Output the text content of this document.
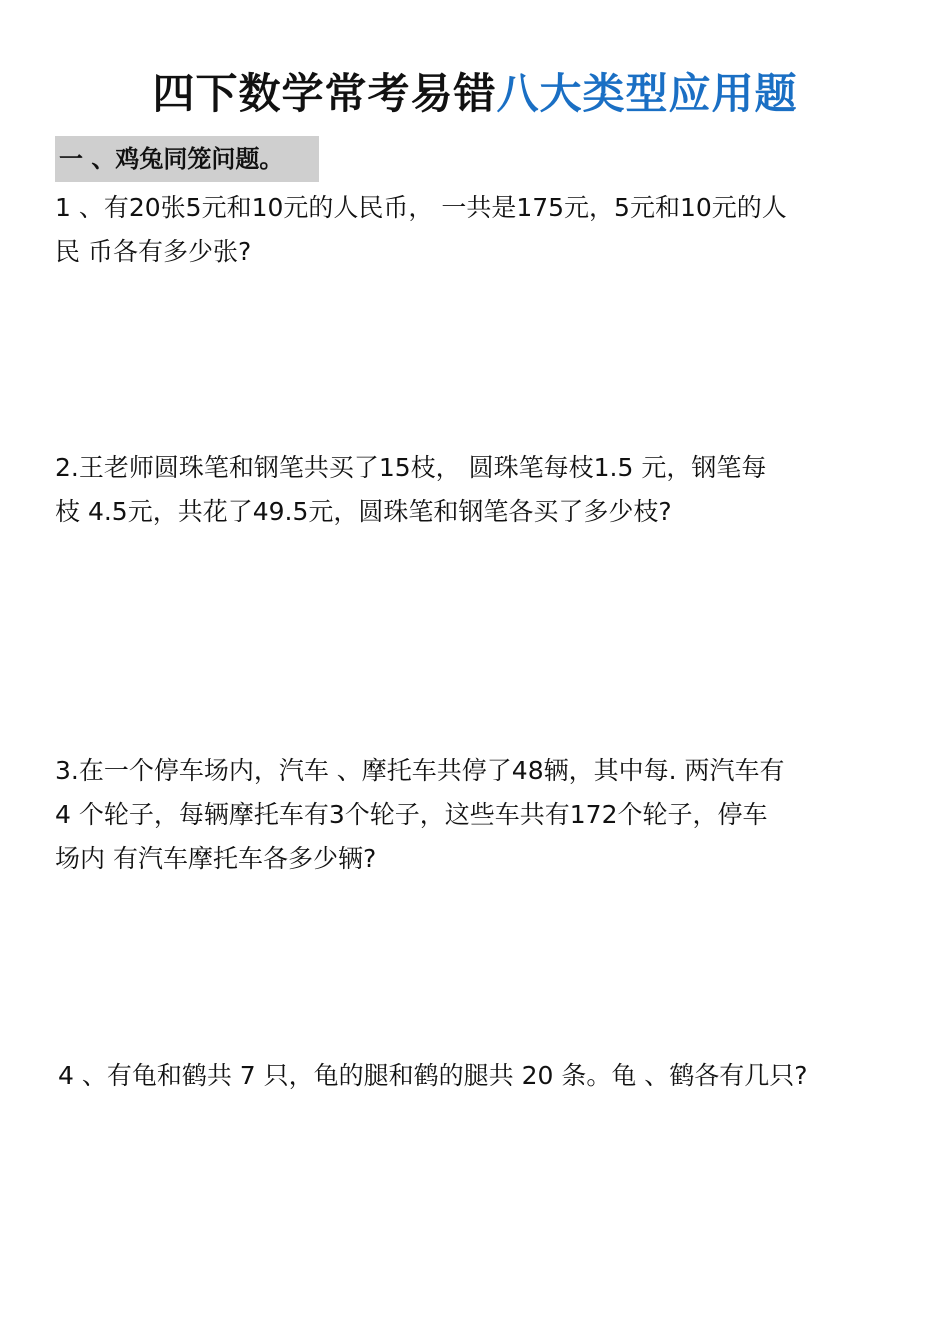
四下数学常考易错八大类型应用题
一 、鸡兔同笼问题。
1 、有20张5元和10元的人民币， 一共是175元，5元和10元的人
民 币各有多少张?
2.王老师圆珠笔和钢笔共买了15枝， 圆珠笔每枝1.5 元，钢笔每
枝 4.5元，共花了49.5元，圆珠笔和钢笔各买了多少枝?
3.在一个停车场内，汽车 、摩托车共停了48辆，其中每. 两汽车有
4 个轮子，每辆摩托车有3个轮子，这些车共有172个轮子，停车
场内 有汽车摩托车各多少辆?
4 、有龟和鹤共 7 只，龟的腿和鹤的腿共 20 条。龟 、鹤各有几只?
